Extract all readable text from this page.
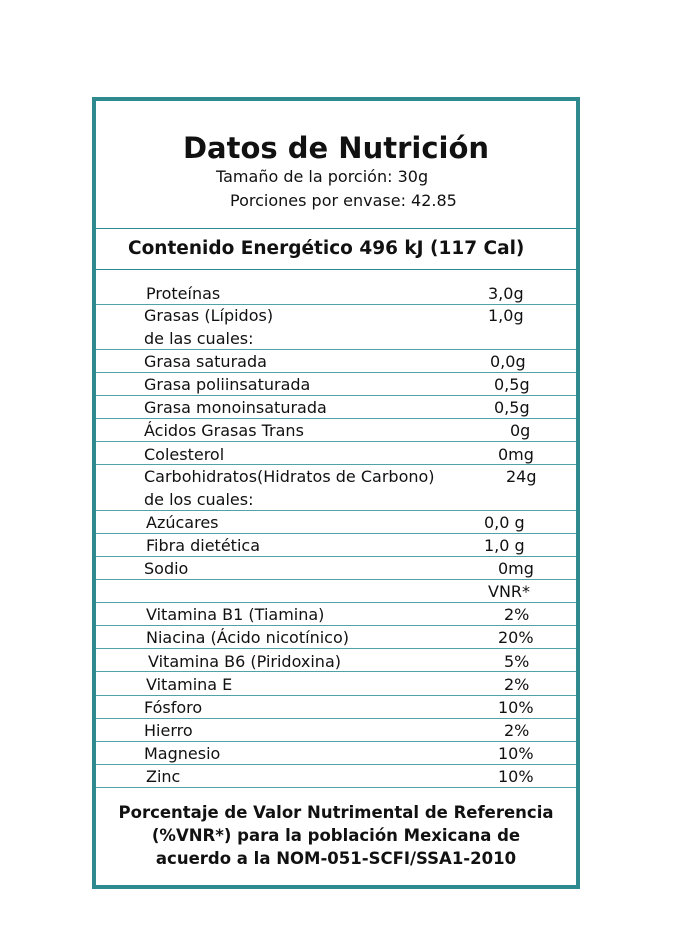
Datos de Nutrición
Tamaño de la porción: 30g
Porciones por envase: 42.85
Contenido Energético 496 kJ (117 Cal)
Proteínas	3,0g
Grasas (Lípidos)	1,0g
de las cuales:
Grasa saturada	0,0g
Grasa poliinsaturada	0,5g
Grasa monoinsaturada	0,5g
Ácidos Grasas Trans	0g
Colesterol	0mg
Carbohidratos(Hidratos de Carbono)	24g
de los cuales:
Azúcares	0,0 g
Fibra dietética	1,0 g
Sodio	0mg
VNR*
Vitamina B1 (Tiamina)	2%
Niacina (Ácido nicotínico)	20%
Vitamina B6 (Piridoxina)	5%
Vitamina E	2%
Fósforo	10%
Hierro	2%
Magnesio	10%
Zinc	10%
Porcentaje de Valor Nutrimental de Referencia
(%VNR*) para la población Mexicana de
acuerdo a la NOM-051-SCFI/SSA1-2010
